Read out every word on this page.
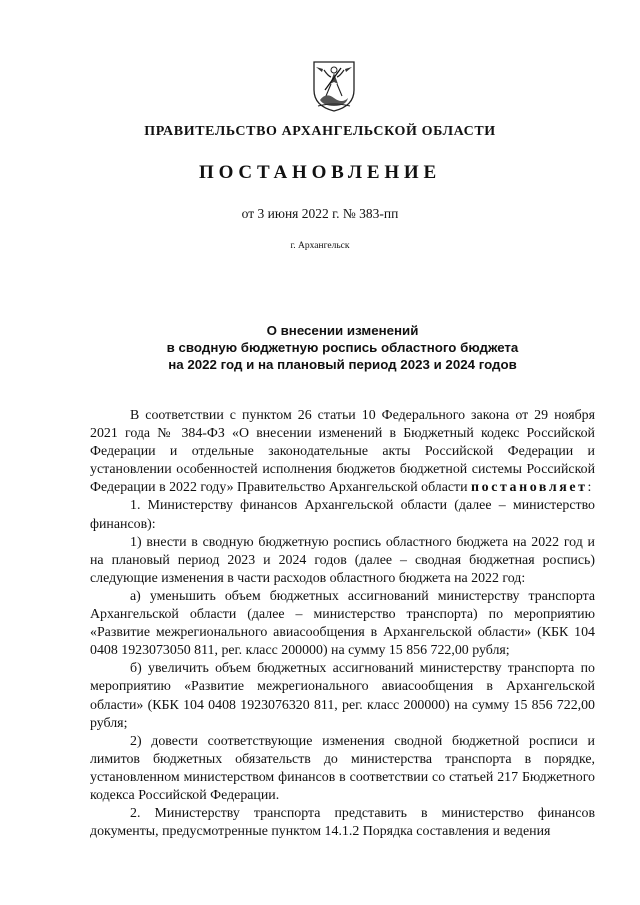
ПРАВИТЕЛЬСТВО АРХАНГЕЛЬСКОЙ ОБЛАСТИ
ПОСТАНОВЛЕНИЕ
от 3 июня 2022 г. № 383-пп
г. Архангельск
О внесении изменений
в сводную бюджетную роспись областного бюджета
на 2022 год и на плановый период 2023 и 2024 годов

В соответствии с пунктом 26 статьи 10 Федерального закона от 29 ноября 2021 года № 384-ФЗ «О внесении изменений в Бюджетный кодекс Российской Федерации и отдельные законодательные акты Российской Федерации и установлении особенностей исполнения бюджетов бюджетной системы Российской Федерации в 2022 году» Правительство Архангельской области постановляет:

1. Министерству финансов Архангельской области (далее – министерство финансов):

1) внести в сводную бюджетную роспись областного бюджета на 2022 год и на плановый период 2023 и 2024 годов (далее – сводная бюджетная роспись) следующие изменения в части расходов областного бюджета на 2022 год:

а) уменьшить объем бюджетных ассигнований министерству транспорта Архангельской области (далее – министерство транспорта) по мероприятию «Развитие межрегионального авиасообщения в Архангельской области» (КБК 104 0408 1923073050 811, рег. класс 200000) на сумму 15 856 722,00 рубля;

б) увеличить объем бюджетных ассигнований министерству транспорта по мероприятию «Развитие межрегионального авиасообщения в Архангельской области» (КБК 104 0408 1923076320 811, рег. класс 200000) на сумму 15 856 722,00 рубля;

2) довести соответствующие изменения сводной бюджетной росписи и лимитов бюджетных обязательств до министерства транспорта в порядке, установленном министерством финансов в соответствии со статьей 217 Бюджетного кодекса Российской Федерации.

2. Министерству транспорта представить в министерство финансов документы, предусмотренные пунктом 14.1.2 Порядка составления и ведения
